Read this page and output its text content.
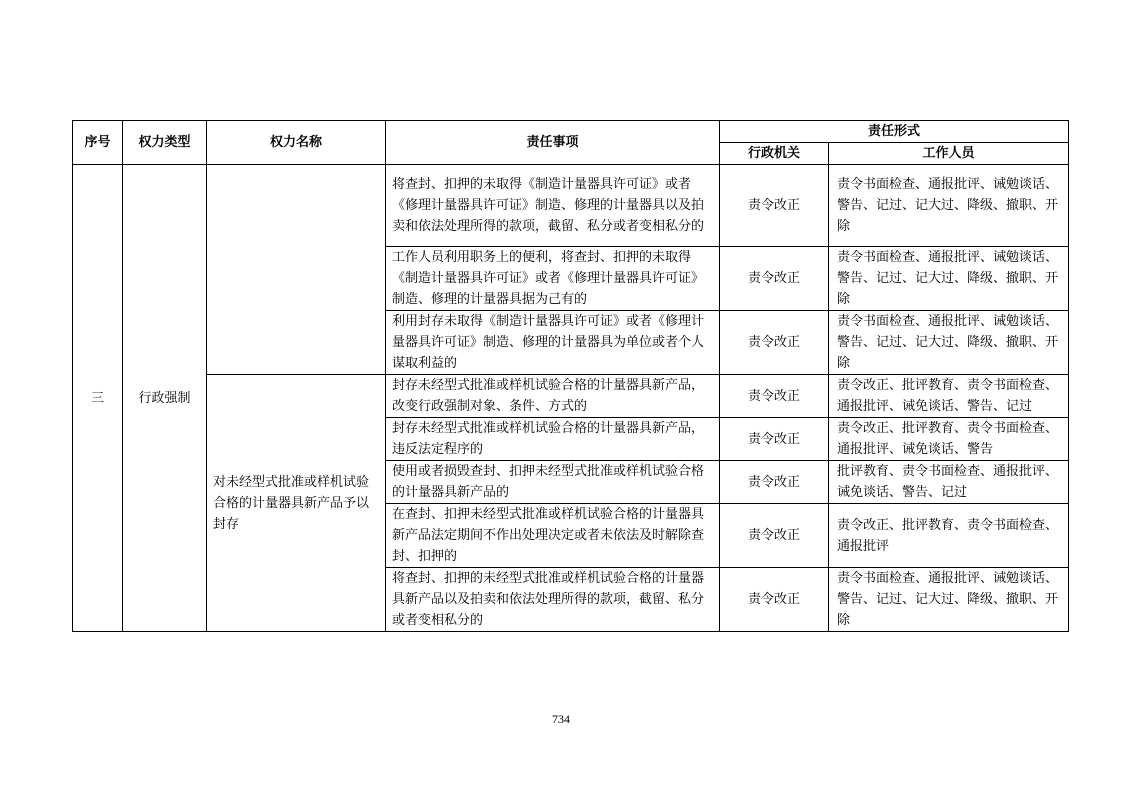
序号	权力类型	权力名称	责任事项	责任形式	
				行政机关	工作人员
三	行政强制		将查封、扣押的未取得《制造计量器具许可证》或者《修理计量器具许可证》制造、修理的计量器具以及拍卖和依法处理所得的款项，截留、私分或者变相私分的	责令改正	责令书面检查、通报批评、诫勉谈话、警告、记过、记大过、降级、撤职、开除
			工作人员利用职务上的便利，将查封、扣押的未取得《制造计量器具许可证》或者《修理计量器具许可证》制造、修理的计量器具据为己有的	责令改正	责令书面检查、通报批评、诫勉谈话、警告、记过、记大过、降级、撤职、开除
			利用封存未取得《制造计量器具许可证》或者《修理计量器具许可证》制造、修理的计量器具为单位或者个人谋取利益的	责令改正	责令书面检查、通报批评、诫勉谈话、警告、记过、记大过、降级、撤职、开除
		对未经型式批准或样机试验合格的计量器具新产品予以封存	封存未经型式批准或样机试验合格的计量器具新产品，改变行政强制对象、条件、方式的	责令改正	责令改正、批评教育、责令书面检查、通报批评、诫免谈话、警告、记过
			封存未经型式批准或样机试验合格的计量器具新产品，违反法定程序的	责令改正	责令改正、批评教育、责令书面检查、通报批评、诫免谈话、警告
			使用或者损毁查封、扣押未经型式批准或样机试验合格的计量器具新产品的	责令改正	批评教育、责令书面检查、通报批评、诫免谈话、警告、记过
			在查封、扣押未经型式批准或样机试验合格的计量器具新产品法定期间不作出处理决定或者未依法及时解除查封、扣押的	责令改正	责令改正、批评教育、责令书面检查、通报批评
			将查封、扣押的未经型式批准或样机试验合格的计量器具新产品以及拍卖和依法处理所得的款项，截留、私分或者变相私分的	责令改正	责令书面检查、通报批评、诫勉谈话、警告、记过、记大过、降级、撤职、开除
734
